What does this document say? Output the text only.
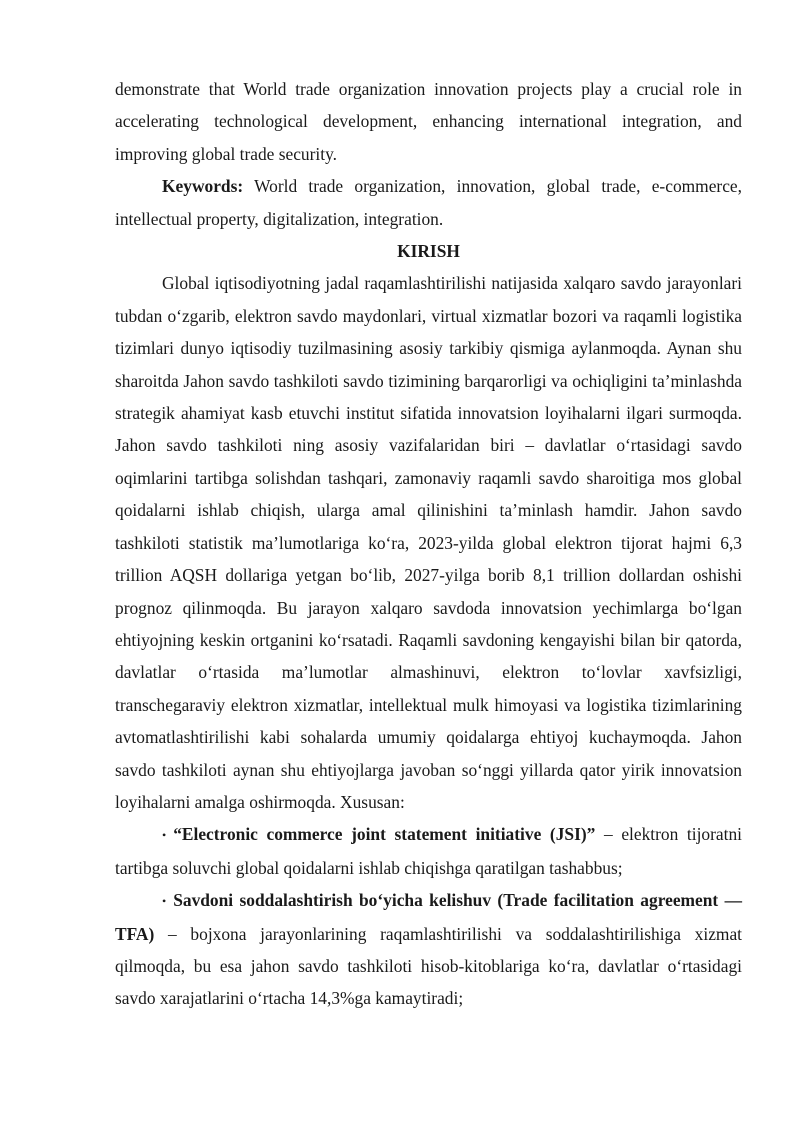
demonstrate that World trade organization innovation projects play a crucial role in accelerating technological development, enhancing international integration, and improving global trade security.

Keywords: World trade organization, innovation, global trade, e-commerce, intellectual property, digitalization, integration.

KIRISH

Global iqtisodiyotning jadal raqamlashtirilishi natijasida xalqaro savdo jarayonlari tubdan oʻzgarib, elektron savdo maydonlari, virtual xizmatlar bozori va raqamli logistika tizimlari dunyo iqtisodiy tuzilmasining asosiy tarkibiy qismiga aylanmoqda. Aynan shu sharoitda Jahon savdo tashkiloti savdo tizimining barqarorligi va ochiqligini taʼminlashda strategik ahamiyat kasb etuvchi institut sifatida innovatsion loyihalarni ilgari surmoqda. Jahon savdo tashkiloti ning asosiy vazifalaridan biri – davlatlar oʻrtasidagi savdo oqimlarini tartibga solishdan tashqari, zamonaviy raqamli savdo sharoitiga mos global qoidalarni ishlab chiqish, ularga amal qilinishini taʼminlash hamdir. Jahon savdo tashkiloti statistik maʼlumotlariga koʻra, 2023-yilda global elektron tijorat hajmi 6,3 trillion AQSH dollariga yetgan boʻlib, 2027-yilga borib 8,1 trillion dollardan oshishi prognoz qilinmoqda. Bu jarayon xalqaro savdoda innovatsion yechimlarga boʻlgan ehtiyojning keskin ortganini koʻrsatadi. Raqamli savdoning kengayishi bilan bir qatorda, davlatlar oʻrtasida maʼlumotlar almashinuvi, elektron toʻlovlar xavfsizligi, transchegaraviy elektron xizmatlar, intellektual mulk himoyasi va logistika tizimlarining avtomatlashtirilishi kabi sohalarda umumiy qoidalarga ehtiyoj kuchaymoqda. Jahon savdo tashkiloti aynan shu ehtiyojlarga javoban soʻnggi yillarda qator yirik innovatsion loyihalarni amalga oshirmoqda. Xususan:

• “Electronic commerce joint statement initiative (JSI)” – elektron tijoratni tartibga soluvchi global qoidalarni ishlab chiqishga qaratilgan tashabbus;

• Savdoni soddalashtirish boʻyicha kelishuv (Trade facilitation agreement — TFA) – bojxona jarayonlarining raqamlashtirilishi va soddalashtirilishiga xizmat qilmoqda, bu esa jahon savdo tashkiloti hisob-kitoblariga koʻra, davlatlar oʻrtasidagi savdo xarajatlarini oʻrtacha 14,3%ga kamaytiradi;
